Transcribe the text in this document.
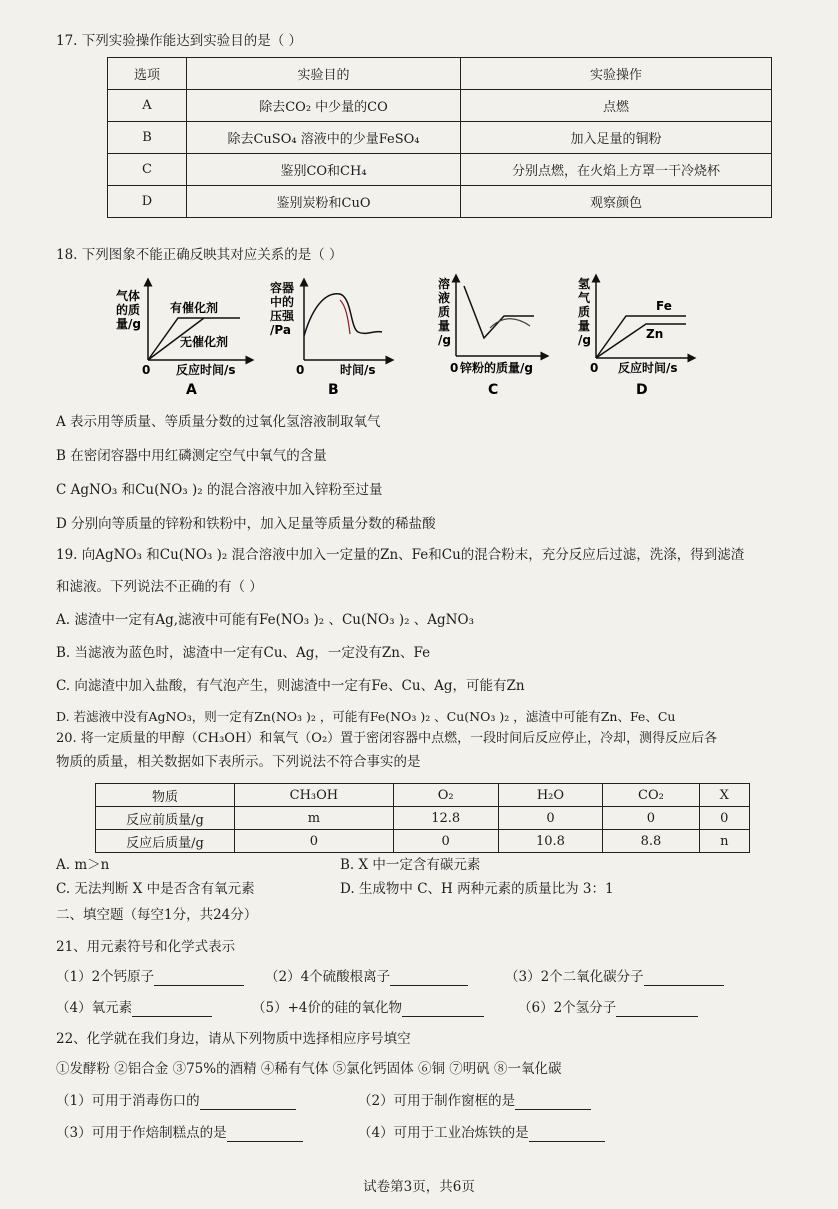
17. 下列实验操作能达到实验目的是（ ）
选项	实验目的	实验操作
A	除去CO₂ 中少量的CO	点燃
B	除去CuSO₄ 溶液中的少量FeSO₄	加入足量的铜粉
C	鉴别CO和CH₄	分别点燃，在火焰上方罩一干冷烧杯
D	鉴别炭粉和CuO	观察颜色
18. 下列图象不能正确反映其对应关系的是（ ）
气体
的质
量/g
有催化剂
无催化剂
0 反应时间/s
A
容器
中的
压强
/Pa
0	时间/s
B
溶
液
质
量
/g
0 锌粉的质量/g
C
氢
气
质
量
/g
Fe
Zn
0 反应时间/s
D
A 表示用等质量、等质量分数的过氧化氢溶液制取氧气
B 在密闭容器中用红磷测定空气中氧气的含量
C AgNO₃ 和Cu(NO₃ )₂ 的混合溶液中加入锌粉至过量
D 分别向等质量的锌粉和铁粉中，加入足量等质量分数的稀盐酸
19. 向AgNO₃ 和Cu(NO₃ )₂ 混合溶液中加入一定量的Zn、Fe和Cu的混合粉末，充分反应后过滤，洗涤，得到滤渣
和滤液。下列说法不正确的有（ ）
A. 滤渣中一定有Ag,滤液中可能有Fe(NO₃ )₂ 、Cu(NO₃ )₂ 、AgNO₃
B. 当滤液为蓝色时，滤渣中一定有Cu、Ag，一定没有Zn、Fe
C. 向滤渣中加入盐酸，有气泡产生，则滤渣中一定有Fe、Cu、Ag，可能有Zn
D. 若滤液中没有AgNO₃，则一定有Zn(NO₃ )₂ ，可能有Fe(NO₃ )₂ 、Cu(NO₃ )₂ ，滤渣中可能有Zn、Fe、Cu
20. 将一定质量的甲醇（CH₃OH）和氧气（O₂）置于密闭容器中点燃，一段时间后反应停止，冷却，测得反应后各
物质的质量，相关数据如下表所示。下列说法不符合事实的是
物质	CH₃OH	O₂	H₂O	CO₂	X
反应前质量/g	m	12.8	0	0	0
反应后质量/g	0	0	10.8	8.8	n
A. m＞n	B. X 中一定含有碳元素
C. 无法判断 X 中是否含有氧元素	D. 生成物中 C、H 两种元素的质量比为 3：1
二、填空题（每空1分，共24分）
21、用元素符号和化学式表示
（1）2个钙原子	（2）4个硫酸根离子	（3）2个二氧化碳分子
（4）氧元素	（5）+4价的硅的氧化物	（6）2个氢分子
22、化学就在我们身边，请从下列物质中选择相应序号填空
①发酵粉 ②铝合金 ③75%的酒精 ④稀有气体 ⑤氯化钙固体 ⑥铜 ⑦明矾 ⑧一氧化碳
（1）可用于消毒伤口的	（2）可用于制作窗框的是
（3）可用于作焙制糕点的是	（4）可用于工业冶炼铁的是
试卷第3页，共6页
